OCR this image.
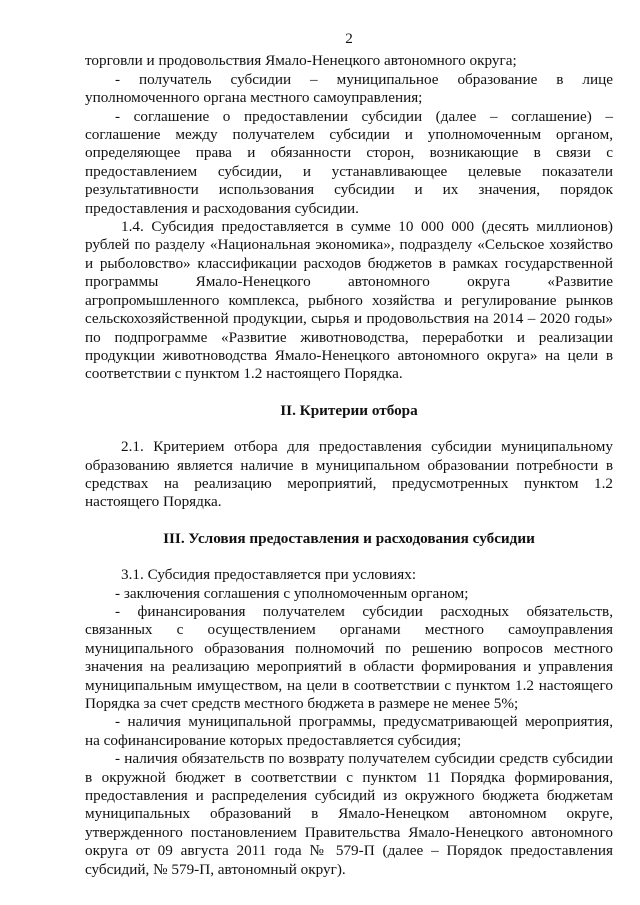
2

торговли и продовольствия Ямало-Ненецкого автономного округа;

- получатель субсидии – муниципальное образование в лице уполномоченного органа местного самоуправления;

- соглашение о предоставлении субсидии (далее – соглашение) – соглашение между получателем субсидии и уполномоченным органом, определяющее права и обязанности сторон, возникающие в связи с предоставлением субсидии, и устанавливающее целевые показатели результативности использования субсидии и их значения, порядок предоставления и расходования субсидии.

1.4. Субсидия предоставляется в сумме 10 000 000 (десять миллионов) рублей по разделу «Национальная экономика», подразделу «Сельское хозяйство и рыболовство» классификации расходов бюджетов в рамках государственной программы Ямало-Ненецкого автономного округа «Развитие агропромышленного комплекса, рыбного хозяйства и регулирование рынков сельскохозяйственной продукции, сырья и продовольствия на 2014 – 2020 годы» по подпрограмме «Развитие животноводства, переработки и реализации продукции животноводства Ямало-Ненецкого автономного округа» на цели в соответствии с пунктом 1.2 настоящего Порядка.

II. Критерии отбора

2.1. Критерием отбора для предоставления субсидии муниципальному образованию является наличие в муниципальном образовании потребности в средствах на реализацию мероприятий, предусмотренных пунктом 1.2 настоящего Порядка.

III. Условия предоставления и расходования субсидии

3.1. Субсидия предоставляется при условиях:

- заключения соглашения с уполномоченным органом;

- финансирования получателем субсидии расходных обязательств, связанных с осуществлением органами местного самоуправления муниципального образования полномочий по решению вопросов местного значения на реализацию мероприятий в области формирования и управления муниципальным имуществом, на цели в соответствии с пунктом 1.2 настоящего Порядка за счет средств местного бюджета в размере не менее 5%;

- наличия муниципальной программы, предусматривающей мероприятия, на софинансирование которых предоставляется субсидия;

- наличия обязательств по возврату получателем субсидии средств субсидии в окружной бюджет в соответствии с пунктом 11 Порядка формирования, предоставления и распределения субсидий из окружного бюджета бюджетам муниципальных образований в Ямало-Ненецком автономном округе, утвержденного постановлением Правительства Ямало-Ненецкого автономного округа от 09 августа 2011 года № 579-П (далее – Порядок предоставления субсидий, № 579-П, автономный округ).
